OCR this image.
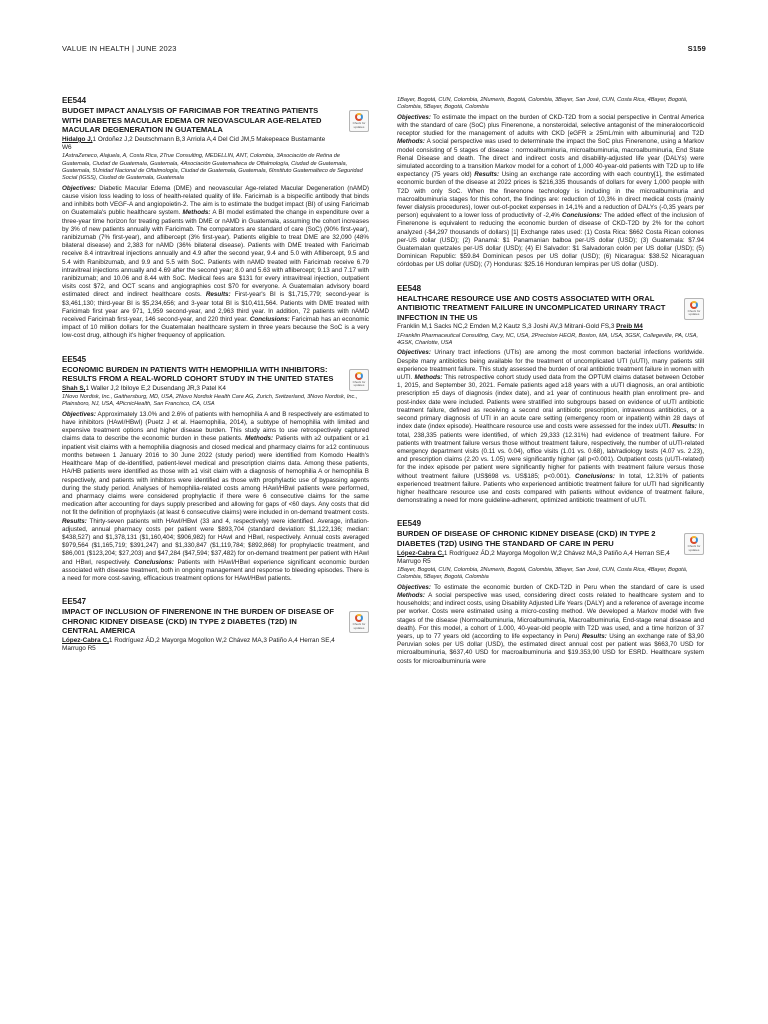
VALUE IN HEALTH | JUNE 2023	S159
Check for updates

EE544

BUDGET IMPACT ANALYSIS OF FARICIMAB FOR TREATING PATIENTS WITH DIABETES MACULAR EDEMA OR NEOVASCULAR AGE-RELATED MACULAR DEGENERATION IN GUATEMALA

Hidalgo J,1 Ordoñez J,2 Deutschmann B,3 Arriola A,4 Del Cid JM,5 Makepeace Bustamante W6

1AstraZeneco, Alajuela, A, Costa Rica, 2True Consulting, MEDELLIN, ANT, Colombia, 3Asociación de Retina de Guatemala, Ciudad de Guatemala, Guatemala, 4Asociación Guatemalteca de Oftalmología, Ciudad de Guatemala, Guatemala, 5Unidad Nacional de Oftalmología, Ciudad de Guatemala, Guatemala, 6Instituto Guatemalteco de Seguridad Social (IGSS), Ciudad de Guatemala, Guatemala

Objectives: Diabetic Macular Edema (DME) and neovascular Age-related Macular Degeneration (nAMD) cause vision loss leading to loss of health-related quality of life. Faricimab is a bispecific antibody that binds and inhibits both VEGF-A and angiopoietin-2. The aim is to estimate the budget impact (BI) of using Faricimab on Guatemala's public healthcare system. Methods: A BI model estimated the change in expenditure over a three-year time horizon for treating patients with DME or nAMD in Guatemala, assuming the cohort increases by 3% of new patients annually with Faricimab. The comparators are standard of care (SoC) (90% first-year), ranibizumab (7% first-year), and aflibercept (3% first-year). Patients eligible to treat DME are 32,090 (48% bilateral disease) and 2,383 for nAMD (36% bilateral disease). Patients with DME treated with Faricimab receive 8.4 intravitreal injections annually and 4.9 after the second year, 9.4 and 5.0 with Aflibercept, 9.5 and 5.4 with Ranibizumab, and 9.9 and 5.5 with SoC. Patients with nAMD treated with Faricimab receive 6.79 intravitreal injections annually and 4.69 after the second year; 8.0 and 5.63 with aflibercept; 9.13 and 7.17 with ranibizumab; and 10.06 and 8.44 with SoC. Medical fees are $131 for every intravitreal injection, outpatient visits cost $72, and OCT scans and angiographies cost $70 for everyone. A Guatemalan advisory board estimated direct and indirect healthcare costs. Results: First-year's BI is $1,715,779; second-year is $3,461,130; third-year BI is $5,234,656; and 3-year total BI is $10,411,564. Patients with DME treated with Faricimab first year are 971, 1,959 second-year, and 2,963 third year. In addition, 72 patients with nAMD received Faricimab first-year, 146 second-year, and 220 third year. Conclusions: Faricimab has an economic impact of 10 million dollars for the Guatemalan healthcare system in three years because the SoC is a very low-cost drug, although it's higher frequency of application.

Check for updates

EE545

ECONOMIC BURDEN IN PATIENTS WITH HEMOPHILIA WITH INHIBITORS: RESULTS FROM A REAL-WORLD COHORT STUDY IN THE UNITED STATES

Shah S,1 Waller J,2 Ibiloye E,2 Dusendang JR,3 Patel K4

1Novo Nordisk, Inc., Gaithersburg, MD, USA, 2Novo Nordisk Health Care AG, Zurich, Switzerland, 3Novo Nordisk, Inc., Plainsboro, NJ, USA, 4PicnicHealth, San Francisco, CA, USA

Objectives: Approximately 13.0% and 2.6% of patients with hemophilia A and B respectively are estimated to have inhibitors (HAwI/HBwI) (Puetz J et al. Haemophilia, 2014), a subtype of hemophilia with limited and expensive treatment options and higher disease burden. This study aims to use retrospectively captured claims data to describe the economic burden in these patients. Methods: Patients with ≥2 outpatient or ≥1 inpatient visit claims with a hemophilia diagnosis and closed medical and pharmacy claims for ≥12 continuous months between 1 January 2016 to 30 June 2022 (study period) were identified from Komodo Health's Healthcare Map of de-identified, patient-level medical and prescription claims data. Among these patients, HA/HB patients were identified as those with ≥1 visit claim with a diagnosis of hemophilia A or hemophilia B respectively, and patients with inhibitors were identified as those with prophylactic use of bypassing agents during the study period. Analyses of hemophilia-related costs among HAwI/HBwI patients were performed, and pharmacy claims were considered prophylactic if there were 6 consecutive claims for the same medication after accounting for days supply prescribed and allowing for gaps of <60 days. Any costs that did not fit the definition of prophylaxis (at least 6 consecutive claims) were included in on-demand treatment costs. Results: Thirty-seven patients with HAwI/HBwI (33 and 4, respectively) were identified. Average, inflation-adjusted, annual pharmacy costs per patient were $893,704 (standard deviation: $1,122,136; median: $438,527) and $1,378,131 ($1,160,404; $906,982) for HAwI and HBwI, respectively. Annual costs averaged $979,564 ($1,165,719; $391,247) and $1,330,847 ($1,119,784; $892,868) for prophylactic treatment, and $86,001 ($123,204; $27,203) and $47,284 ($47,594; $37,482) for on-demand treatment per patient with HAwI and HBwI, respectively. Conclusions: Patients with HAwI/HBwI experience significant economic burden associated with disease treatment, both in ongoing management and response to bleeding episodes. There is a need for more cost-saving, efficacious treatment options for HAwI/HBwI patients.

Check for updates

EE547

IMPACT OF INCLUSION OF FINERENONE IN THE BURDEN OF DISEASE OF CHRONIC KIDNEY DISEASE (CKD) IN TYPE 2 DIABETES (T2D) IN CENTRAL AMERICA

López-Cabra C,1 Rodríguez ÁD,2 Mayorga Mogollon W,2 Chávez MA,3 Patiño A,4 Herran SE,4 Marrugo R5

1Bayer, Bogotá, CUN, Colombia, 2Numeris, Bogotá, Colombia, 3Bayer, San José, CUN, Costa Rica, 4Bayer, Bogotá, Colombia, 5Bayer, Bogotá, Colombia

Objectives: To estimate the impact on the burden of CKD-T2D from a social perspective in Central America with the standard of care (SoC) plus Finerenone, a nonsteroidal, selective antagonist of the mineralocorticoid receptor studied for the management of adults with CKD [eGFR ≥ 25mL/min with albuminuria] and T2D Methods: A social perspective was used to determinate the impact the SoC plus Finerenone, using a Markov model consisting of 5 stages of disease : normoalbuminuria, microalbuminuria, macroalbuminuria, End State Renal Disease and death. The direct and indirect costs and disability-adjusted life year (DALYs) were simulated according to a transition Markov model for a cohort of 1,000 40-year-old patients with T2D up to life expectancy (75 years old) Results: Using an exchange rate according with each country[1], the estimated economic burden of the disease at 2022 prices is $216,335 thousands of dollars for every 1,000 people with T2D with only SoC. When the finerenone technology is including in the microalbuminuria and macroalbuminuria stages for this cohort, the findings are: reduction of 10,3% in direct medical costs (mainly fewer dialysis procedures), lower out-of-pocket expenses in 14,1% and a reduction of DALYs (-0,35 years per person) equivalent to a lower loss of productivity of -2,4% Conclusions: The added effect of the inclusion of Finerenone is equivalent to reducing the economic burden of disease of CKD-T2D by 2% for the cohort analyzed (-$4,297 thousands of dollars) [1] Exchange rates used: (1) Costa Rica: $662 Costa Rican colones per-US dollar (USD); (2) Panamá: $1 Panamanian balboa per-US dollar (USD); (3) Guatemala: $7.94 Guatemalan quetzales per-US dollar (USD); (4) El Salvador: $1 Salvadoran colón per US dollar (USD); (5) Dominican Republic: $59.84 Dominican pesos per US dollar (USD); (6) Nicaragua: $38.52 Nicaraguan córdobas per US dollar (USD); (7) Honduras: $25.16 Honduran lempiras per US dollar (USD).

Check for updates

EE548

HEALTHCARE RESOURCE USE AND COSTS ASSOCIATED WITH ORAL ANTIBIOTIC TREATMENT FAILURE IN UNCOMPLICATED URINARY TRACT INFECTION IN THE US

Franklin M,1 Sacks NC,2 Emden M,2 Kautz S,3 Joshi AV,3 Mitrani-Gold FS,3 Preib M4

1Franklin Pharmaceutical Consulting, Cary, NC, USA, 2Precision HEOR, Boston, MA, USA, 3GSK, Collegeville, PA, USA, 4GSK, Charlotte, USA

Objectives: Urinary tract infections (UTIs) are among the most common bacterial infections worldwide. Despite many antibiotics being available for the treatment of uncomplicated UTI (uUTI), many patients still experience treatment failure. This study assessed the burden of oral antibiotic treatment failure in women with uUTI. Methods: This retrospective cohort study used data from the OPTUM claims dataset between October 1, 2015, and September 30, 2021. Female patients aged ≥18 years with a uUTI diagnosis, an oral antibiotic prescription ±5 days of diagnosis (index date), and ≥1 year of continuous health plan enrollment pre- and post-index date were included. Patients were stratified into subgroups based on evidence of uUTI antibiotic treatment failure, defined as receiving a second oral antibiotic prescription, intravenous antibiotics, or a second primary diagnosis of UTI in an acute care setting (emergency room or inpatient) within 28 days of index date (index episode). Healthcare resource use and costs were assessed for the index uUTI. Results: In total, 238,335 patients were identified, of which 29,333 (12.31%) had evidence of treatment failure. For patients with treatment failure versus those without treatment failure, respectively, the number of uUTI-related emergency department visits (0.11 vs. 0.04), office visits (1.01 vs. 0.68), lab/radiology tests (4.07 vs. 2.23), and prescription claims (2.20 vs. 1.05) were significantly higher (all p<0.001). Outpatient costs (uUTI-related) for the index episode per patient were significantly higher for patients with treatment failure versus those without treatment failure (US$698 vs. US$185; p<0.001). Conclusions: In total, 12.31% of patients experienced treatment failure. Patients who experienced antibiotic treatment failure for uUTI had significantly higher healthcare resource use and costs compared with patients without evidence of treatment failure, demonstrating a need for more guideline-adherent, optimized antibiotic treatment of uUTI.

Check for updates

EE549

BURDEN OF DISEASE OF CHRONIC KIDNEY DISEASE (CKD) IN TYPE 2 DIABETES (T2D) USING THE STANDARD OF CARE IN PERU

López-Cabra C,1 Rodríguez ÁD,2 Mayorga Mogollon W,2 Chávez MA,3 Patiño A,4 Herran SE,4 Marrugo R5

1Bayer, Bogotá, CUN, Colombia, 2Numeris, Bogotá, Colombia, 3Bayer, San José, CUN, Costa Rica, 4Bayer, Bogotá, Colombia, 5Bayer, Bogotá, Colombia

Objectives: To estimate the economic burden of CKD-T2D in Peru when the standard of care is used Methods: A social perspective was used, considering direct costs related to healthcare system and to households; and indirect costs, using Disability Adjusted Life Years (DALY) and a reference of average income per worker. Costs were estimated using a micro-costing method. We developed a Markov model with five stages of the disease (Normoalbuminuria, Microalbuminuria, Macroalbuminuria, End-stage renal disease and death). For this model, a cohort of 1.000, 40-year-old people with T2D was used, and a time horizon of 37 years, up to 77 years old (according to life expectancy in Peru) Results: Using an exchange rate of $3,90 Peruvian soles per US dollar (USD), the estimated direct annual cost per patient was $663,70 USD for microalbuminuria, $637,40 USD for macroalbuminuria and $19.353,90 USD for ESRD. Healthcare system costs for microalbuminuria were
